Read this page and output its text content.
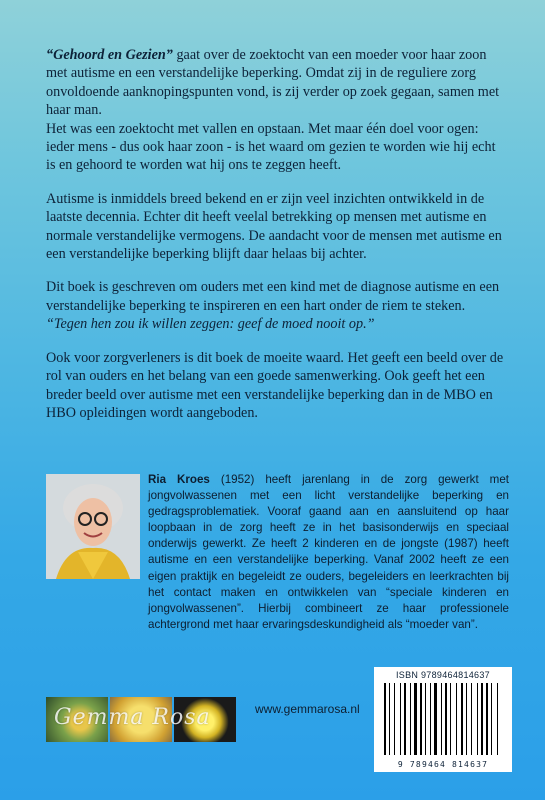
“Gehoord en Gezien” gaat over de zoektocht van een moeder voor haar zoon met autisme en een verstandelijke beperking. Omdat zij in de reguliere zorg onvoldoende aanknopingspunten vond, is zij verder op zoek gegaan, samen met haar man.
Het was een zoektocht met vallen en opstaan. Met maar één doel voor ogen: ieder mens - dus ook haar zoon - is het waard om gezien te worden wie hij echt is en gehoord te worden wat hij ons te zeggen heeft.

Autisme is inmiddels breed bekend en er zijn veel inzichten ontwikkeld in de laatste decennia. Echter dit heeft veelal betrekking op mensen met autisme en normale verstandelijke vermogens. De aandacht voor de mensen met autisme en een verstandelijke beperking blijft daar helaas bij achter.

Dit boek is geschreven om ouders met een kind met de diagnose autisme en een verstandelijke beperking te inspireren en een hart onder de riem te steken. “Tegen hen zou ik willen zeggen: geef de moed nooit op.”

Ook voor zorgverleners is dit boek de moeite waard. Het geeft een beeld over de rol van ouders en het belang van een goede samenwerking. Ook geeft het een breder beeld over autisme met een verstandelijke beperking dan in de MBO en HBO opleidingen wordt aangeboden.

Ria Kroes (1952) heeft jarenlang in de zorg gewerkt met jongvolwassenen met een licht verstandelijke beperking en gedragsproblematiek. Vooraf gaand aan en aansluitend op haar loopbaan in de zorg heeft ze in het basisonderwijs en speciaal onderwijs gewerkt. Ze heeft 2 kinderen en de jongste (1987) heeft autisme en een verstandelijke beperking. Vanaf 2002 heeft ze een eigen praktijk en begeleidt ze ouders, begeleiders en leerkrachten bij het contact maken en ontwikkelen van “speciale kinderen en jongvolwassenen”. Hierbij combineert ze haar professionele achtergrond met haar ervaringsdeskundigheid als “moeder van”.
Gemma Rosa	www.gemmarosa.nl
ISBN 9789464814637
9 789464 814637
